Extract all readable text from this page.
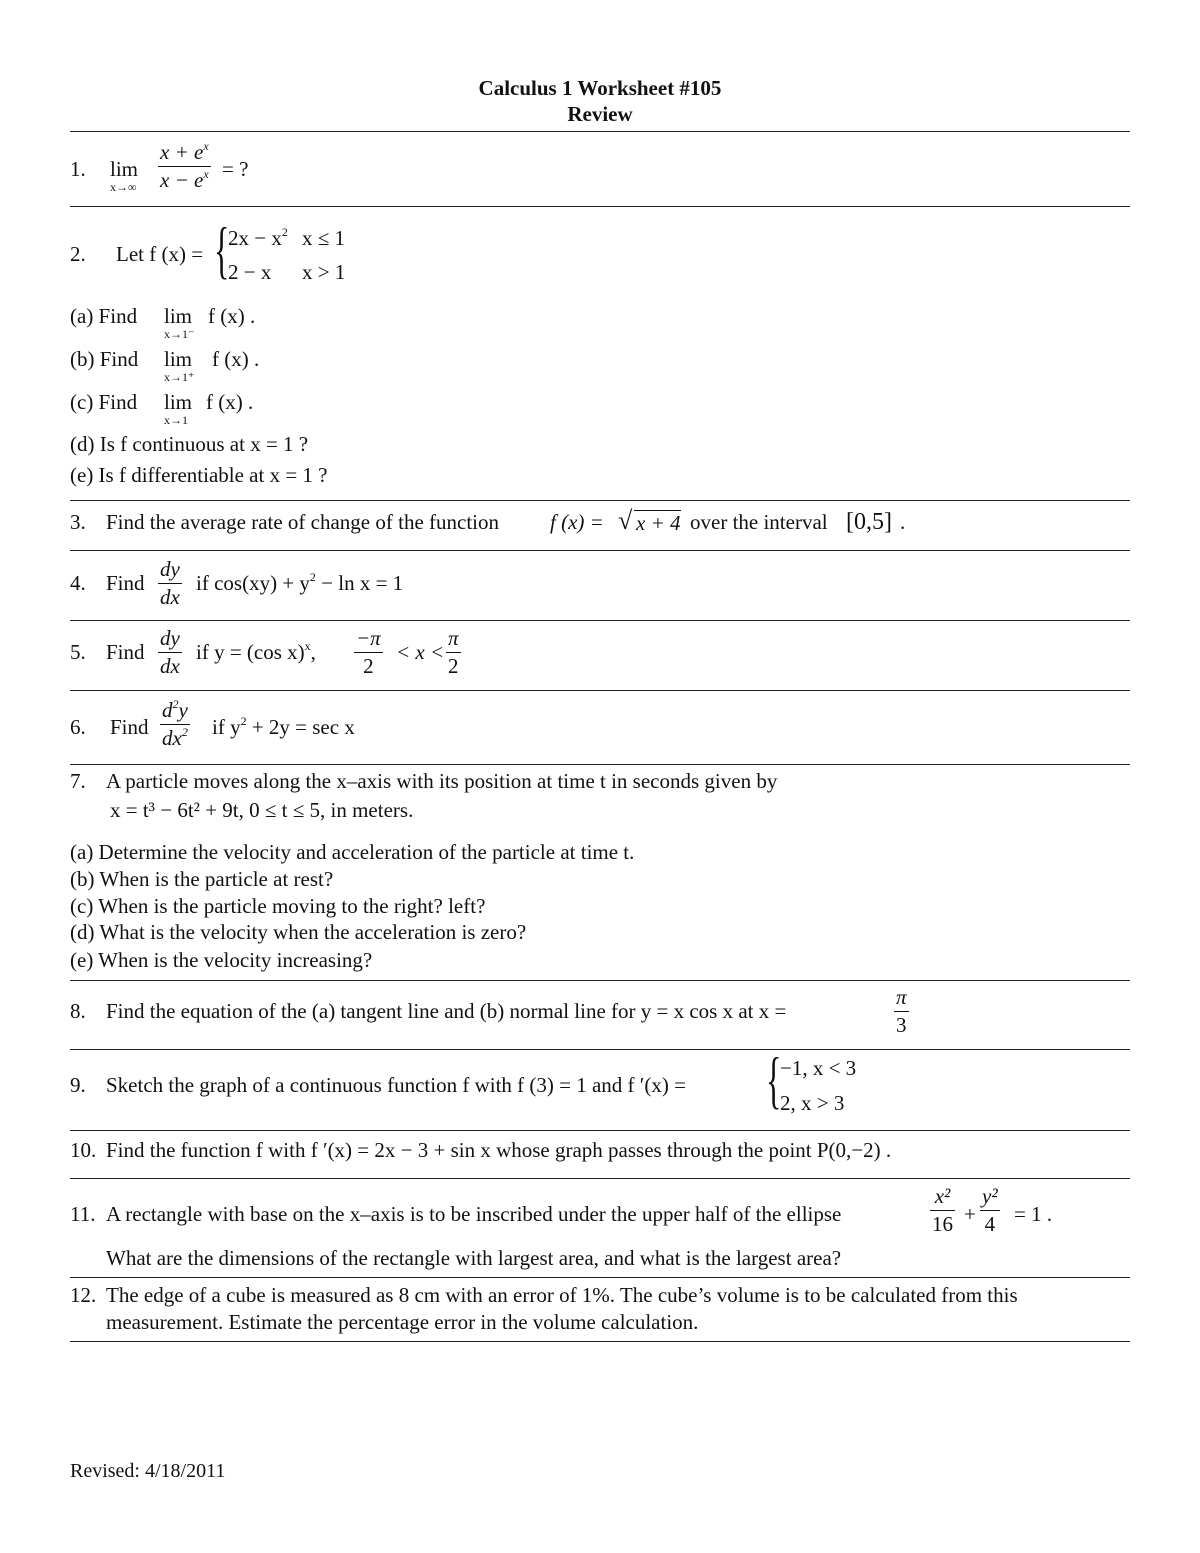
Calculus 1 Worksheet #105
Review
1. lim
x→∞
$x + e^x$
$x - e^x$ = ?
2. Let f (x) = {
$2x - x^2$ x ≤ 1
2 − x x > 1
(a) Find lim
x→1⁻
f (x) .
(b) Find lim
x→1⁺
f (x) .
(c) Find lim
x→1
f (x) .
(d) Is f continuous at x = 1 ?
(e) Is f differentiable at x = 1 ?
3. Find the average rate of change of the function f (x) = √ x + 4 over the interval [0,5] .
4. Find
dy
dx
if $\cos(xy) + y^2 - \ln x = 1$
5. Find
dy
dx
if y = (cos x)$^x$,
−π
2
< x <
π
2
6. Find
$d^2y$
$dx^2$ if $y^2 + 2y = \sec x$
7. A particle moves along the x–axis with its position at time t in seconds given by
x = t³ − 6t² + 9t, 0 ≤ t ≤ 5, in meters.
(a) Determine the velocity and acceleration of the particle at time t.
(b) When is the particle at rest?
(c) When is the particle moving to the right? left?
(d) What is the velocity when the acceleration is zero?
(e) When is the velocity increasing?
8. Find the equation of the (a) tangent line and (b) normal line for y = x cos x at x =
π
3
9. Sketch the graph of a continuous function f with f (3) = 1 and f ′(x) = {
−1, x < 3
2, x > 3
10. Find the function f with f ′(x) = 2x − 3 + sin x whose graph passes through the point P(0,−2) .
11. A rectangle with base on the x–axis is to be inscribed under the upper half of the ellipse
x²
16 +
y²
4 = 1 .
What are the dimensions of the rectangle with largest area, and what is the largest area?
12. The edge of a cube is measured as 8 cm with an error of 1%. The cube’s volume is to be calculated from this
measurement. Estimate the percentage error in the volume calculation.
Revised: 4/18/2011
